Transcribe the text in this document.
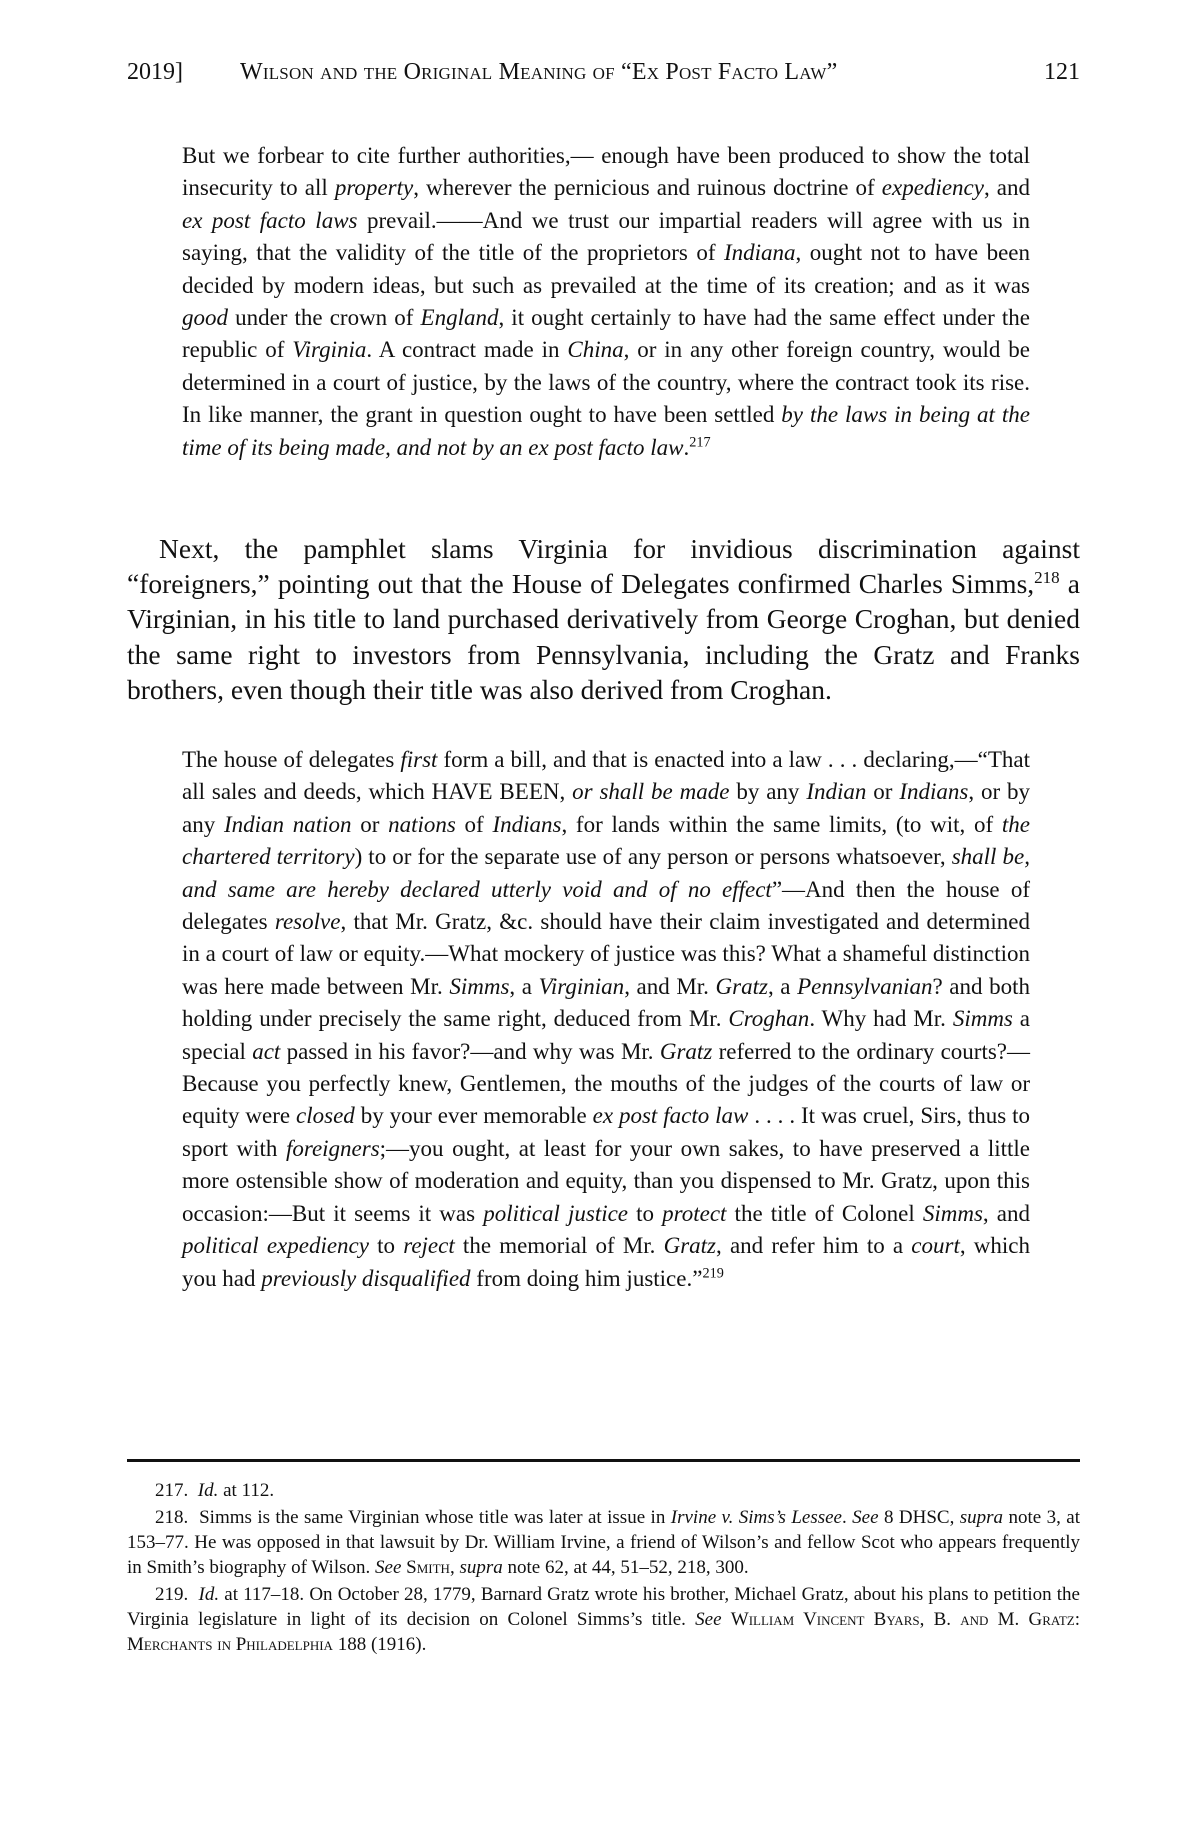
2019] Wilson and the Original Meaning of “Ex Post Facto Law”	121

But we forbear to cite further authorities,— enough have been produced to show the total insecurity to all property, wherever the pernicious and ruinous doctrine of expediency, and ex post facto laws prevail.——And we trust our impartial readers will agree with us in saying, that the validity of the title of the proprietors of Indiana, ought not to have been decided by modern ideas, but such as prevailed at the time of its creation; and as it was good under the crown of England, it ought certainly to have had the same effect under the republic of Virginia. A contract made in China, or in any other foreign country, would be determined in a court of justice, by the laws of the country, where the contract took its rise. In like manner, the grant in question ought to have been settled by the laws in being at the time of its being made, and not by an ex post facto law.$^{217}$

Next, the pamphlet slams Virginia for invidious discrimination against “foreigners,” pointing out that the House of Delegates confirmed Charles Simms,$^{218}$ a Virginian, in his title to land purchased derivatively from George Croghan, but denied the same right to investors from Pennsylvania, including the Gratz and Franks brothers, even though their title was also derived from Croghan.

The house of delegates first form a bill, and that is enacted into a law . . . declaring,—“That all sales and deeds, which HAVE BEEN, or shall be made by any Indian or Indians, or by any Indian nation or nations of Indians, for lands within the same limits, (to wit, of the chartered territory) to or for the separate use of any person or persons whatsoever, shall be, and same are hereby declared utterly void and of no effect”—And then the house of delegates resolve, that Mr. Gratz, &c. should have their claim investigated and determined in a court of law or equity.—What mockery of justice was this? What a shameful distinction was here made between Mr. Simms, a Virginian, and Mr. Gratz, a Pennsylvanian? and both holding under precisely the same right, deduced from Mr. Croghan. Why had Mr. Simms a special act passed in his favor?—and why was Mr. Gratz referred to the ordinary courts?—Because you perfectly knew, Gentlemen, the mouths of the judges of the courts of law or equity were closed by your ever memorable ex post facto law . . . . It was cruel, Sirs, thus to sport with foreigners;—you ought, at least for your own sakes, to have preserved a little more ostensible show of moderation and equity, than you dispensed to Mr. Gratz, upon this occasion:—But it seems it was political justice to protect the title of Colonel Simms, and political expediency to reject the memorial of Mr. Gratz, and refer him to a court, which you had previously disqualified from doing him justice.”$^{219}$

217. Id. at 112.

218. Simms is the same Virginian whose title was later at issue in Irvine v. Sims’s Lessee. See 8 DHSC, supra note 3, at 153–77. He was opposed in that lawsuit by Dr. William Irvine, a friend of Wilson’s and fellow Scot who appears frequently in Smith’s biography of Wilson. See Smith, supra note 62, at 44, 51–52, 218, 300.

219. Id. at 117–18. On October 28, 1779, Barnard Gratz wrote his brother, Michael Gratz, about his plans to petition the Virginia legislature in light of its decision on Colonel Simms’s title. See William Vincent Byars, B. and M. Gratz: Merchants in Philadelphia 188 (1916).
